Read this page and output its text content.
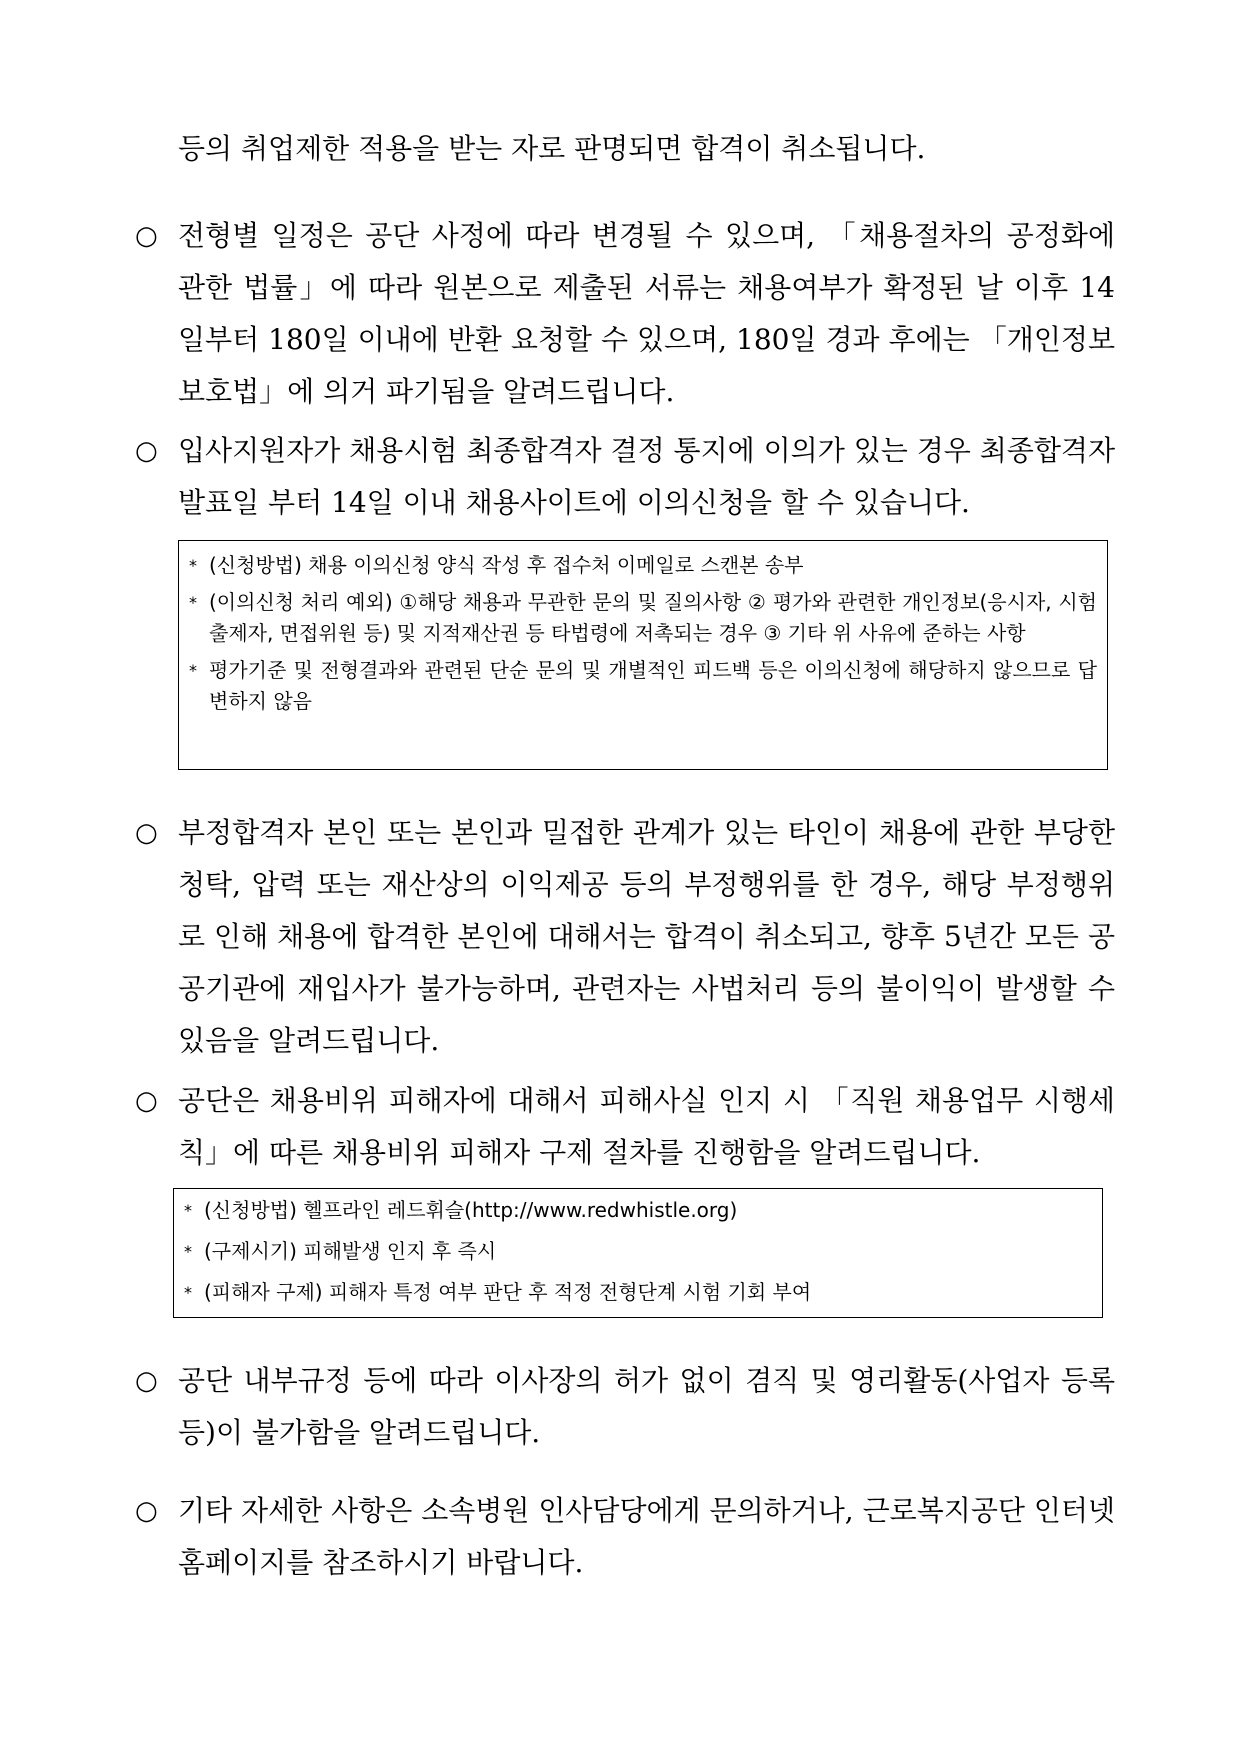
등의 취업제한 적용을 받는 자로 판명되면 합격이 취소됩니다.
○ 전형별 일정은 공단 사정에 따라 변경될 수 있으며, 「채용절차의 공정화에 관한 법률」에 따라 원본으로 제출된 서류는 채용여부가 확정된 날 이후 14일부터 180일 이내에 반환 요청할 수 있으며, 180일 경과 후에는 「개인정보보호법」에 의거 파기됨을 알려드립니다.
○ 입사지원자가 채용시험 최종합격자 결정 통지에 이의가 있는 경우 최종합격자 발표일 부터 14일 이내 채용사이트에 이의신청을 할 수 있습니다.
* (신청방법) 채용 이의신청 양식 작성 후 접수처 이메일로 스캔본 송부
* (이의신청 처리 예외) ①해당 채용과 무관한 문의 및 질의사항 ② 평가와 관련한 개인정보(응시자, 시험출제자, 면접위원 등) 및 지적재산권 등 타법령에 저촉되는 경우 ③ 기타 위 사유에 준하는 사항
* 평가기준 및 전형결과와 관련된 단순 문의 및 개별적인 피드백 등은 이의신청에 해당하지 않으므로 답변하지 않음
○ 부정합격자 본인 또는 본인과 밀접한 관계가 있는 타인이 채용에 관한 부당한 청탁, 압력 또는 재산상의 이익제공 등의 부정행위를 한 경우, 해당 부정행위로 인해 채용에 합격한 본인에 대해서는 합격이 취소되고, 향후 5년간 모든 공공기관에 재입사가 불가능하며, 관련자는 사법처리 등의 불이익이 발생할 수 있음을 알려드립니다.
○ 공단은 채용비위 피해자에 대해서 피해사실 인지 시 「직원 채용업무 시행세칙」에 따른 채용비위 피해자 구제 절차를 진행함을 알려드립니다.
* (신청방법) 헬프라인 레드휘슬(http://www.redwhistle.org)
* (구제시기) 피해발생 인지 후 즉시
* (피해자 구제) 피해자 특정 여부 판단 후 적정 전형단계 시험 기회 부여
○ 공단 내부규정 등에 따라 이사장의 허가 없이 겸직 및 영리활동(사업자 등록 등)이 불가함을 알려드립니다.
○ 기타 자세한 사항은 소속병원 인사담당에게 문의하거나, 근로복지공단 인터넷 홈페이지를 참조하시기 바랍니다.
